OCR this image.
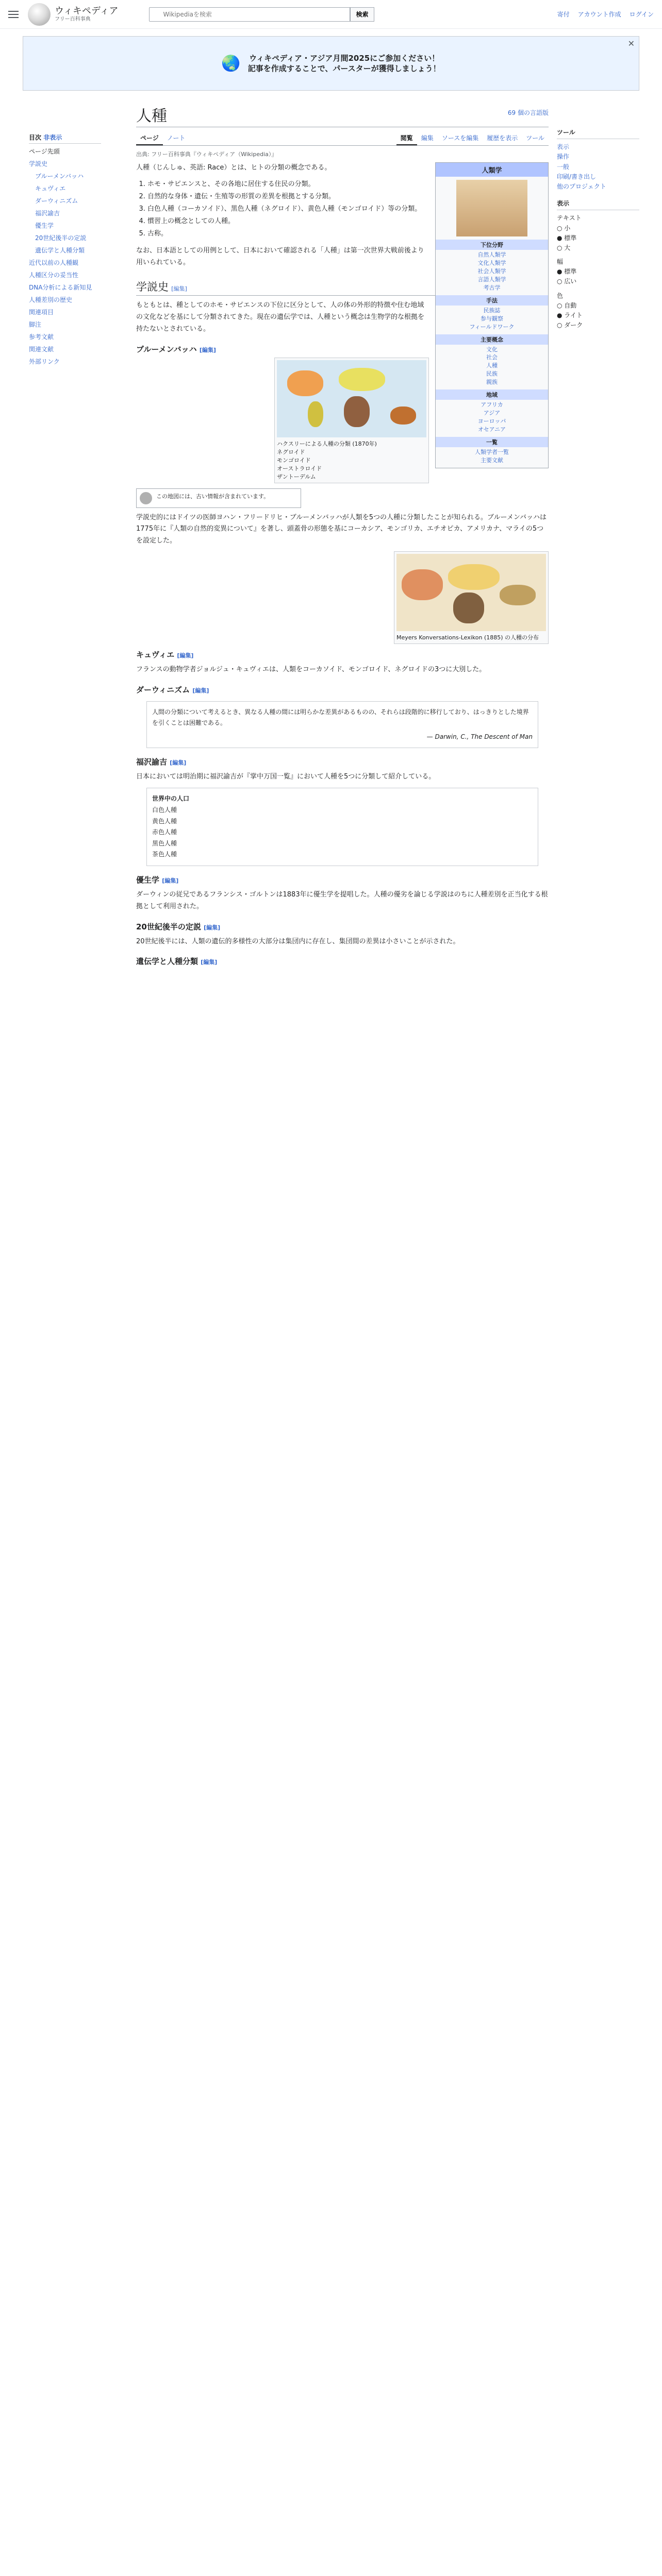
ウィキペディア
フリー百科事典
Wikipediaを検索
検索	寄付 アカウント作成 ログイン
🌏 ウィキペディア・アジア月間2025にご参加ください！
記事を作成することで、パースターが獲得しましょう！

✕
目次 非表示
ページ先頭
学説史
ブルーメンバッハ
キュヴィエ
ダーウィニズム
福沢諭吉
優生学
20世紀後半の定説
遺伝学と人種分類
近代以前の人種観
人種区分の妥当性
DNA分析による新知見
人種差別の歴史
関連項目
脚注
参考文献
関連文献
外部リンク
ツール
表示
操作
一般
印刷/書き出し
他のプロジェクト
表示
テキスト
○ 小
● 標準
○ 大
幅
● 標準
○ 広い
色
○ 自動
● ライト
○ ダーク
人種	69 個の言語版
ページ	ノート	閲覧	編集	ソースを編集	履歴を表示	ツール
出典: フリー百科事典『ウィキペディア（Wikipedia）』
人類学
下位分野
自然人類学
文化人類学
社会人類学
言語人類学
考古学
手法
民族誌
参与観察
フィールドワーク
主要概念
文化
社会
人種
民族
親族
地域
アフリカ
アジア
ヨーロッパ
オセアニア
一覧
人類学者一覧
主要文献

人種（じんしゅ、英語: Race）とは、ヒトの分類の概念である。

1. ホモ・サピエンスと、その各地に居住する住民の分類。
2. 自然的な身体・遺伝・生殖等の形質の差異を根拠とする分類。
3. 白色人種（コーカソイド）、黒色人種（ネグロイド）、黄色人種（モンゴロイド）等の分類。
4. 慣習上の概念としての人種。
5. 古称。

なお、日本語としての用例として、日本において確認される「人種」は第一次世界大戦前後より用いられている。

学説史 [編集]

もともとは、種としてのホモ・サピエンスの下位に区分として、人の体の外形的特徴や住む地域の文化などを基にして分類されてきた。現在の遺伝学では、人種という概念は生物学的な根拠を持たないとされている。

ブルーメンバッハ [編集]
ハクスリーによる人種の分類 (1870年)
ネグロイド
モンゴロイド
オーストラロイド
ザントーデルム
この地図には、古い情報が含まれています。

学説史的にはドイツの医師ヨハン・フリードリヒ・ブルーメンバッハが人類を5つの人種に分類したことが知られる。ブルーメンバッハは1775年に『人類の自然的変異について』を著し、頭蓋骨の形態を基にコーカシア、モンゴリカ、エチオピカ、アメリカナ、マライの5つを設定した。

Meyers Konversations-Lexikon (1885) の人種の分布
キュヴィエ [編集]

フランスの動物学者ジョルジュ・キュヴィエは、人類をコーカソイド、モンゴロイド、ネグロイドの3つに大別した。

ダーウィニズム [編集]
人間の分類について考えるとき、異なる人種の間には明らかな差異があるものの、それらは段階的に移行しており、はっきりとした境界を引くことは困難である。
— Darwin, C., The Descent of Man
福沢諭吉 [編集]

日本においては明治期に福沢諭吉が『掌中万国一覧』において人種を5つに分類して紹介している。

世界中の人口
白色人種
黄色人種
赤色人種
黒色人種
茶色人種
優生学 [編集]

ダーウィンの従兄であるフランシス・ゴルトンは1883年に優生学を提唱した。人種の優劣を論じる学説はのちに人種差別を正当化する根拠として利用された。

20世紀後半の定説 [編集]

20世紀後半には、人類の遺伝的多様性の大部分は集団内に存在し、集団間の差異は小さいことが示された。

遺伝学と人種分類 [編集]
